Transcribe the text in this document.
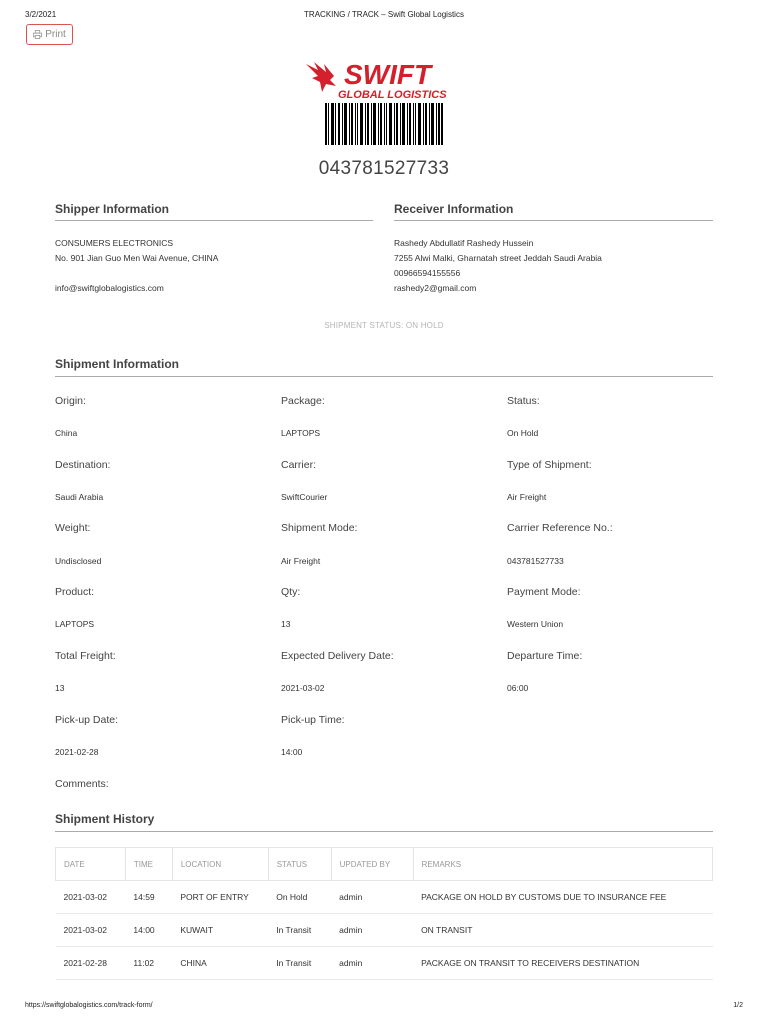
3/2/2021	TRACKING / TRACK – Swift Global Logistics
Print
SWIFT
GLOBAL LOGISTICS
043781527733
Shipper Information
CONSUMERS ELECTRONICS
No. 901 Jian Guo Men Wai Avenue, CHINA
info@swiftglobalogistics.com
Receiver Information
Rashedy Abdullatif Rashedy Hussein
7255 Alwi Malki, Gharnatah street Jeddah Saudi Arabia
00966594155556
rashedy2@gmail.com
SHIPMENT STATUS: ON HOLD
Shipment Information
Origin:
China
Package:
LAPTOPS
Status:
On Hold
Destination:
Saudi Arabia
Carrier:
SwiftCourier
Type of Shipment:
Air Freight
Weight:
Undisclosed
Shipment Mode:
Air Freight
Carrier Reference No.:
043781527733
Product:
LAPTOPS
Qty:
13
Payment Mode:
Western Union
Total Freight:
13
Expected Delivery Date:
2021-03-02
Departure Time:
06:00
Pick-up Date:
2021-02-28
Pick-up Time:
14:00
Comments:
Shipment History
DATE	TIME	LOCATION	STATUS	UPDATED BY	REMARKS
2021-03-02	14:59	PORT OF ENTRY	On Hold	admin	PACKAGE ON HOLD BY CUSTOMS DUE TO INSURANCE FEE
2021-03-02	14:00	KUWAIT	In Transit	admin	ON TRANSIT
2021-02-28	11:02	CHINA	In Transit	admin	PACKAGE ON TRANSIT TO RECEIVERS DESTINATION
https://swiftglobalogistics.com/track-form/	1/2
